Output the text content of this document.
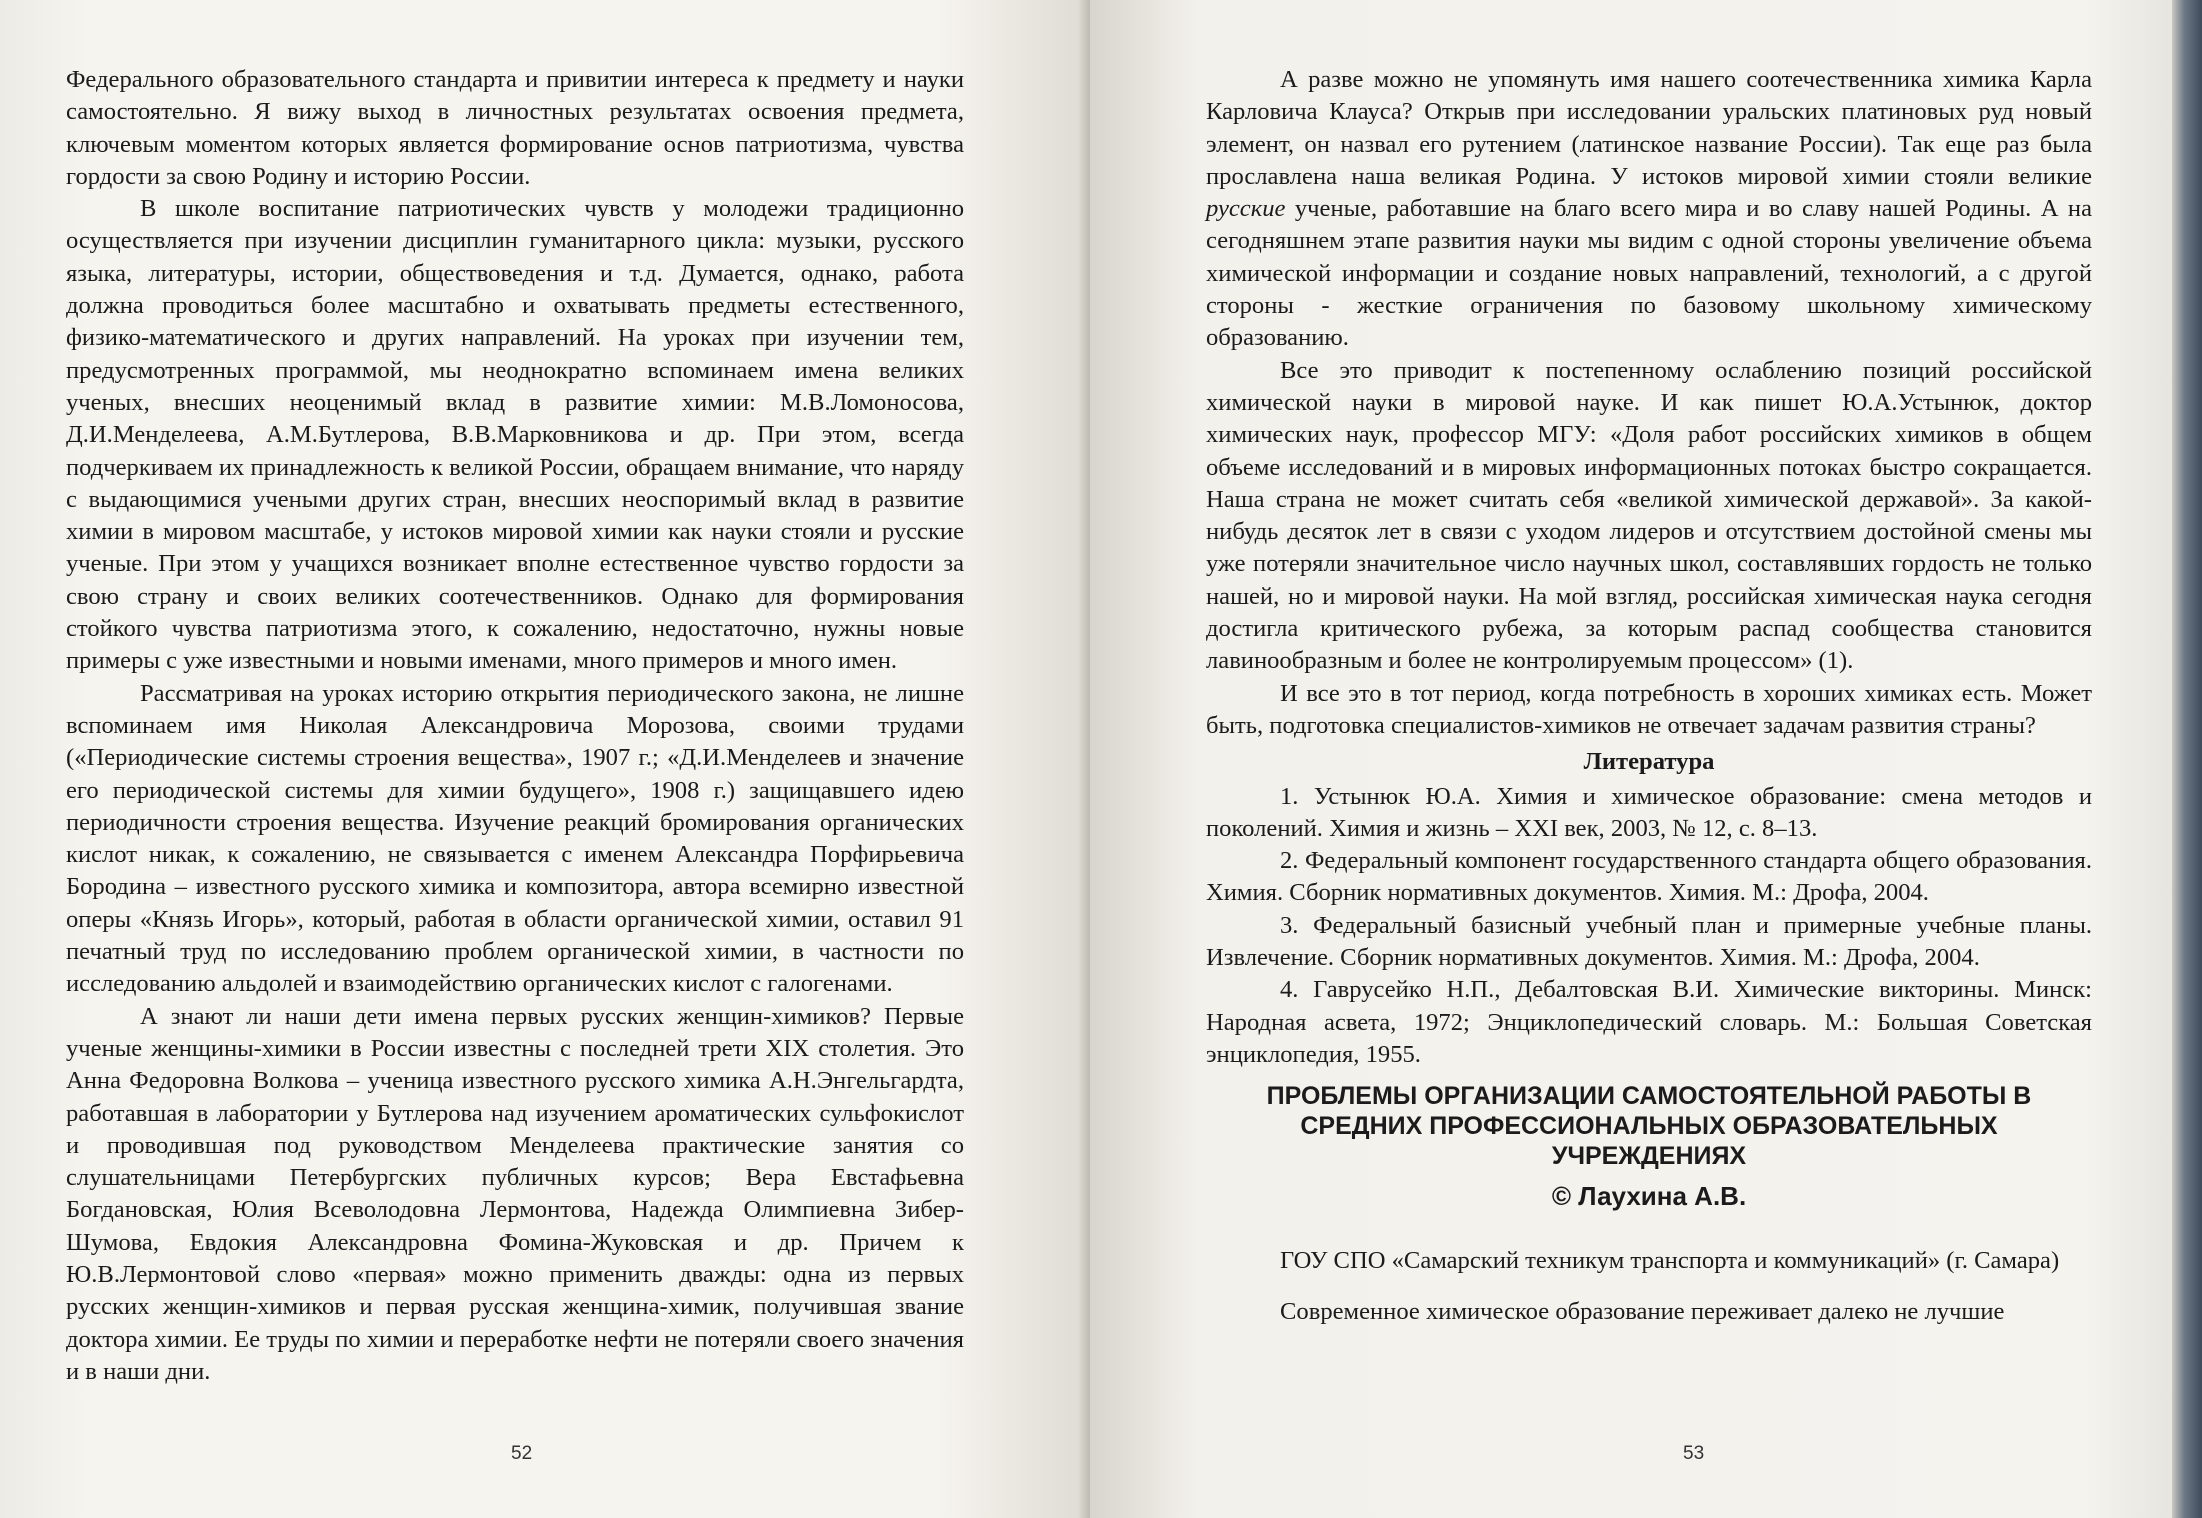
Федерального образовательного стандарта и привитии интереса к предмету и науки самостоятельно. Я вижу выход в личностных результатах освоения предмета, ключевым моментом которых является формирование основ патриотизма, чувства гордости за свою Родину и историю России.

В школе воспитание патриотических чувств у молодежи традиционно осуществляется при изучении дисциплин гуманитарного цикла: музыки, русского языка, литературы, истории, обществоведения и т.д. Думается, однако, работа должна проводиться более масштабно и охватывать предметы естественного, физико-математического и других направлений. На уроках при изучении тем, предусмотренных программой, мы неоднократно вспоминаем имена великих ученых, внесших неоценимый вклад в развитие химии: М.В.Ломоносова, Д.И.Менделеева, А.М.Бутлерова, В.В.Марковникова и др. При этом, всегда подчеркиваем их принадлежность к великой России, обращаем внимание, что наряду с выдающимися учеными других стран, внесших неоспоримый вклад в развитие химии в мировом масштабе, у истоков мировой химии как науки стояли и русские ученые. При этом у учащихся возникает вполне естественное чувство гордости за свою страну и своих великих соотечественников. Однако для формирования стойкого чувства патриотизма этого, к сожалению, недостаточно, нужны новые примеры с уже известными и новыми именами, много примеров и много имен.

Рассматривая на уроках историю открытия периодического закона, не лишне вспоминаем имя Николая Александровича Морозова, своими трудами («Периодические системы строения вещества», 1907 г.; «Д.И.Менделеев и значение его периодической системы для химии будущего», 1908 г.) защищавшего идею периодичности строения вещества. Изучение реакций бромирования органических кислот никак, к сожалению, не связывается с именем Александра Порфирьевича Бородина – известного русского химика и композитора, автора всемирно известной оперы «Князь Игорь», который, работая в области органической химии, оставил 91 печатный труд по исследованию проблем органической химии, в частности по исследованию альдолей и взаимодействию органических кислот с галогенами.

А знают ли наши дети имена первых русских женщин-химиков? Первые ученые женщины-химики в России известны с последней трети XIX столетия. Это Анна Федоровна Волкова – ученица известного русского химика А.Н.Энгельгардта, работавшая в лаборатории у Бутлерова над изучением ароматических сульфокислот и проводившая под руководством Менделеева практические занятия со слушательницами Петербургских публичных курсов; Вера Евстафьевна Богдановская, Юлия Всеволодовна Лермонтова, Надежда Олимпиевна Зибер-Шумова, Евдокия Александровна Фомина-Жуковская и др. Причем к Ю.В.Лермонтовой слово «первая» можно применить дважды: одна из первых русских женщин-химиков и первая русская женщина-химик, получившая звание доктора химии. Ее труды по химии и переработке нефти не потеряли своего значения и в наши дни.

52

А разве можно не упомянуть имя нашего соотечественника химика Карла Карловича Клауса? Открыв при исследовании уральских платиновых руд новый элемент, он назвал его рутением (латинское название России). Так еще раз была прославлена наша великая Родина. У истоков мировой химии стояли великие русские ученые, работавшие на благо всего мира и во славу нашей Родины. А на сегодняшнем этапе развития науки мы видим с одной стороны увеличение объема химической информации и создание новых направлений, технологий, а с другой стороны - жесткие ограничения по базовому школьному химическому образованию.

Все это приводит к постепенному ослаблению позиций российской химической науки в мировой науке. И как пишет Ю.А.Устынюк, доктор химических наук, профессор МГУ: «Доля работ российских химиков в общем объеме исследований и в мировых информационных потоках быстро сокращается. Наша страна не может считать себя «великой химической державой». За какой-нибудь десяток лет в связи с уходом лидеров и отсутствием достойной смены мы уже потеряли значительное число научных школ, составлявших гордость не только нашей, но и мировой науки. На мой взгляд, российская химическая наука сегодня достигла критического рубежа, за которым распад сообщества становится лавинообразным и более не контролируемым процессом» (1).

И все это в тот период, когда потребность в хороших химиках есть. Может быть, подготовка специалистов-химиков не отвечает задачам развития страны?

Литература

1. Устынюк Ю.А. Химия и химическое образование: смена методов и поколений. Химия и жизнь – XXI век, 2003, № 12, с. 8–13.

2. Федеральный компонент государственного стандарта общего образования. Химия. Сборник нормативных документов. Химия. М.: Дрофа, 2004.

3. Федеральный базисный учебный план и примерные учебные планы. Извлечение. Сборник нормативных документов. Химия. М.: Дрофа, 2004.

4. Гаврусейко Н.П., Дебалтовская В.И. Химические викторины. Минск: Народная асвета, 1972; Энциклопедический словарь. М.: Большая Советская энциклопедия, 1955.

ПРОБЛЕМЫ ОРГАНИЗАЦИИ САМОСТОЯТЕЛЬНОЙ РАБОТЫ В СРЕДНИХ ПРОФЕССИОНАЛЬНЫХ ОБРАЗОВАТЕЛЬНЫХ УЧРЕЖДЕНИЯХ

© Лаухина А.В.

ГОУ СПО «Самарский техникум транспорта и коммуникаций» (г. Самара)

Современное химическое образование переживает далеко не лучшие

53
